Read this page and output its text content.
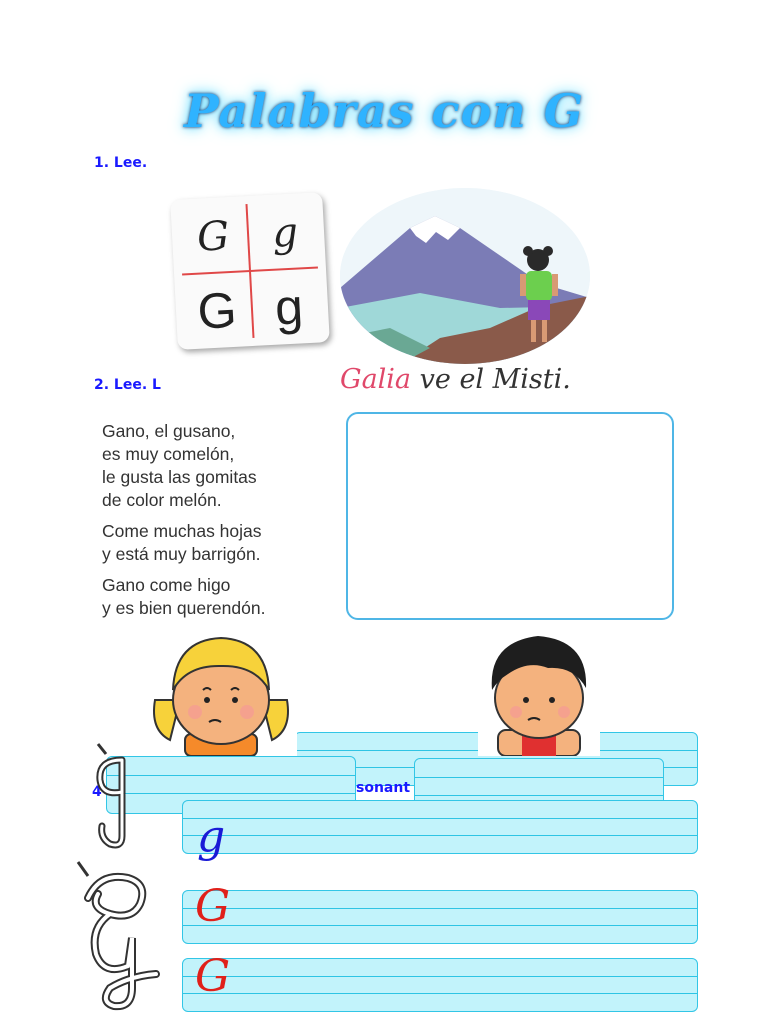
Palabras con G
1. Lee.
G	g
G g
Galia ve el Misti.
2. Lee. L
Gano, el gusano,
es muy comelón,
le gusta las gomitas
de color melón.
Come muchas hojas
y está muy barrigón.
Gano come higo
y es bien querendón.
4	sonant
g
G
G
